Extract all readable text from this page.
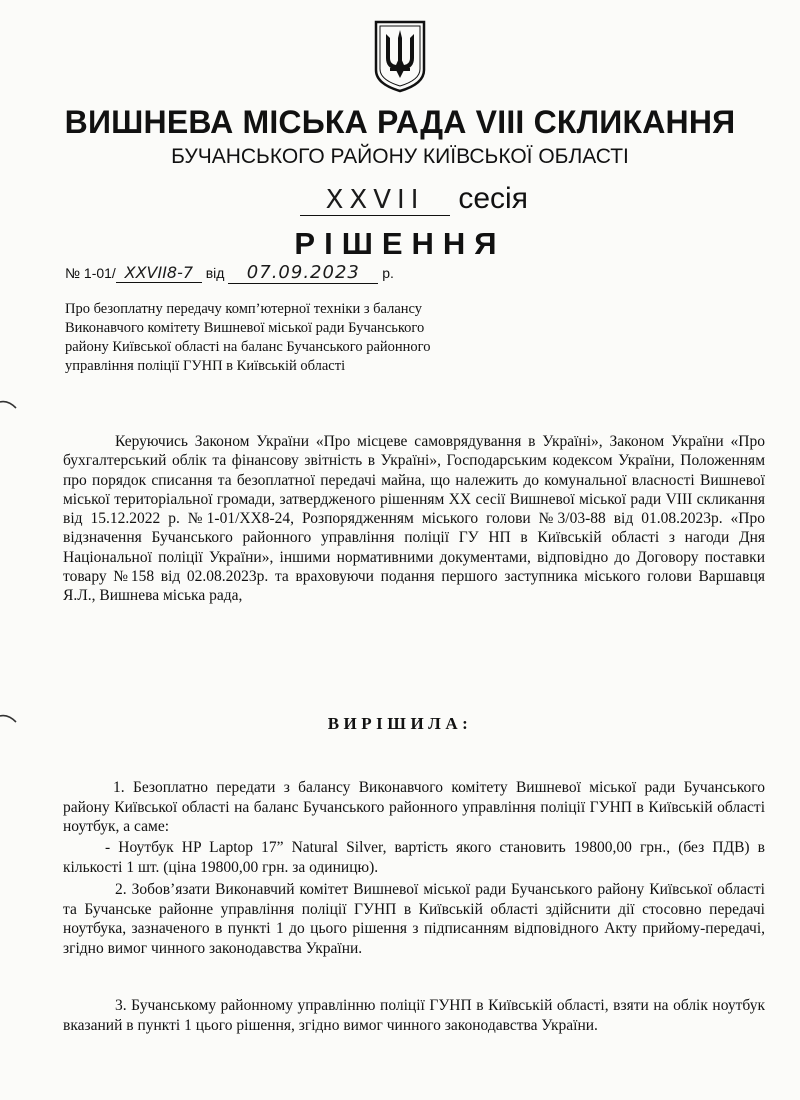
ВИШНЕВА МІСЬКА РАДА VIII СКЛИКАННЯ
БУЧАНСЬКОГО РАЙОНУ КИЇВСЬКОЇ ОБЛАСТІ
XXVII сесія
РІШЕННЯ
№ 1-01/ XXVII8-7 від 07.09.2023 р.
Про безоплатну передачу комп’ютерної техніки з балансу Виконавчого комітету Вишневої міської ради Бучанського району Київської області на баланс Бучанського районного управління поліції ГУНП в Київській області
Керуючись Законом України «Про місцеве самоврядування в Україні», Законом України «Про бухгалтерський облік та фінансову звітність в Україні», Господарським кодексом України, Положенням про порядок списання та безоплатної передачі майна, що належить до комунальної власності Вишневої міської територіальної громади, затвердженого рішенням XX сесії Вишневої міської ради VIII скликання від 15.12.2022 р. №1-01/XX8-24, Розпорядженням міського голови №3/03-88 від 01.08.2023р. «Про відзначення Бучанського районного управління поліції ГУ НП в Київській області з нагоди Дня Національної поліції України», іншими нормативними документами, відповідно до Договору поставки товару №158 від 02.08.2023р. та враховуючи подання першого заступника міського голови Варшавця Я.Л., Вишнева міська рада,
ВИРІШИЛА:
1. Безоплатно передати з балансу Виконавчого комітету Вишневої міської ради Бучанського району Київської області на баланс Бучанського районного управління поліції ГУНП в Київській області ноутбук, а саме:
- Ноутбук HP Laptop 17” Natural Silver, вартість якого становить 19800,00 грн., (без ПДВ) в кількості 1 шт. (ціна 19800,00 грн. за одиницю).
2. Зобов’язати Виконавчий комітет Вишневої міської ради Бучанського району Київської області та Бучанське районне управління поліції ГУНП в Київській області здійснити дії стосовно передачі ноутбука, зазначеного в пункті 1 до цього рішення з підписанням відповідного Акту прийому-передачі, згідно вимог чинного законодавства України.
3. Бучанському районному управлінню поліції ГУНП в Київській області, взяти на облік ноутбук вказаний в пункті 1 цього рішення, згідно вимог чинного законодавства України.
